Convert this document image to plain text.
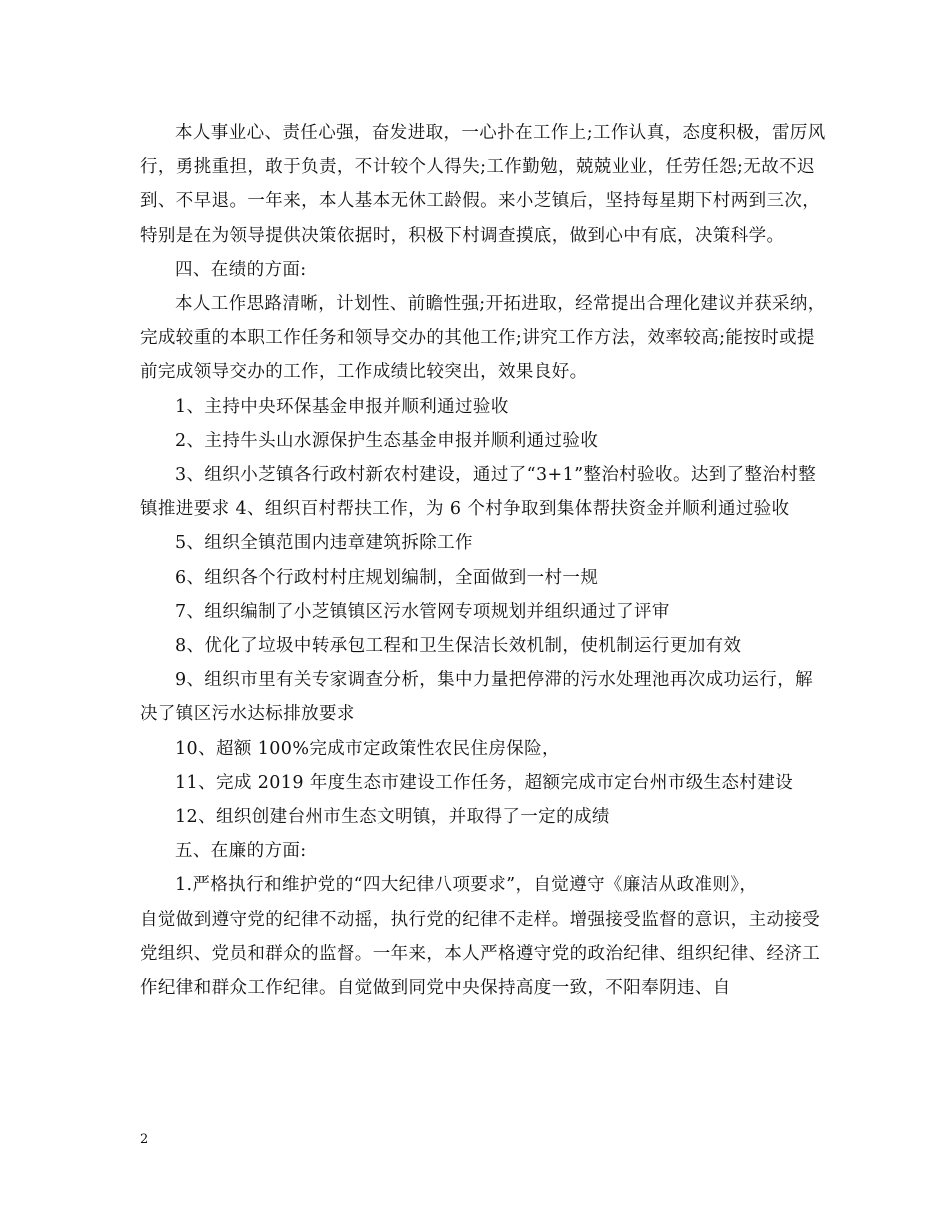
本人事业心、责任心强，奋发进取，一心扑在工作上;工作认真，态度积极，雷厉风行，勇挑重担，敢于负责，不计较个人得失;工作勤勉，兢兢业业，任劳任怨;无故不迟到、不早退。一年来，本人基本无休工龄假。来小芝镇后，坚持每星期下村两到三次，特别是在为领导提供决策依据时，积极下村调查摸底，做到心中有底，决策科学。

四、在绩的方面:

本人工作思路清晰，计划性、前瞻性强;开拓进取，经常提出合理化建议并获采纳，完成较重的本职工作任务和领导交办的其他工作;讲究工作方法，效率较高;能按时或提前完成领导交办的工作，工作成绩比较突出，效果良好。

1、主持中央环保基金申报并顺利通过验收

2、主持牛头山水源保护生态基金申报并顺利通过验收

3、组织小芝镇各行政村新农村建设，通过了“3+1”整治村验收。达到了整治村整镇推进要求 4、组织百村帮扶工作，为 6 个村争取到集体帮扶资金并顺利通过验收

5、组织全镇范围内违章建筑拆除工作

6、组织各个行政村村庄规划编制，全面做到一村一规

7、组织编制了小芝镇镇区污水管网专项规划并组织通过了评审

8、优化了垃圾中转承包工程和卫生保洁长效机制，使机制运行更加有效

9、组织市里有关专家调查分析，集中力量把停滞的污水处理池再次成功运行，解决了镇区污水达标排放要求

10、超额 100%完成市定政策性农民住房保险，

11、完成 2019 年度生态市建设工作任务，超额完成市定台州市级生态村建设

12、组织创建台州市生态文明镇，并取得了一定的成绩

五、在廉的方面:

1.严格执行和维护党的“四大纪律八项要求”，自觉遵守《廉洁从政准则》，

自觉做到遵守党的纪律不动摇，执行党的纪律不走样。增强接受监督的意识，主动接受党组织、党员和群众的监督。一年来，本人严格遵守党的政治纪律、组织纪律、经济工作纪律和群众工作纪律。自觉做到同党中央保持高度一致，不阳奉阴违、自

2
